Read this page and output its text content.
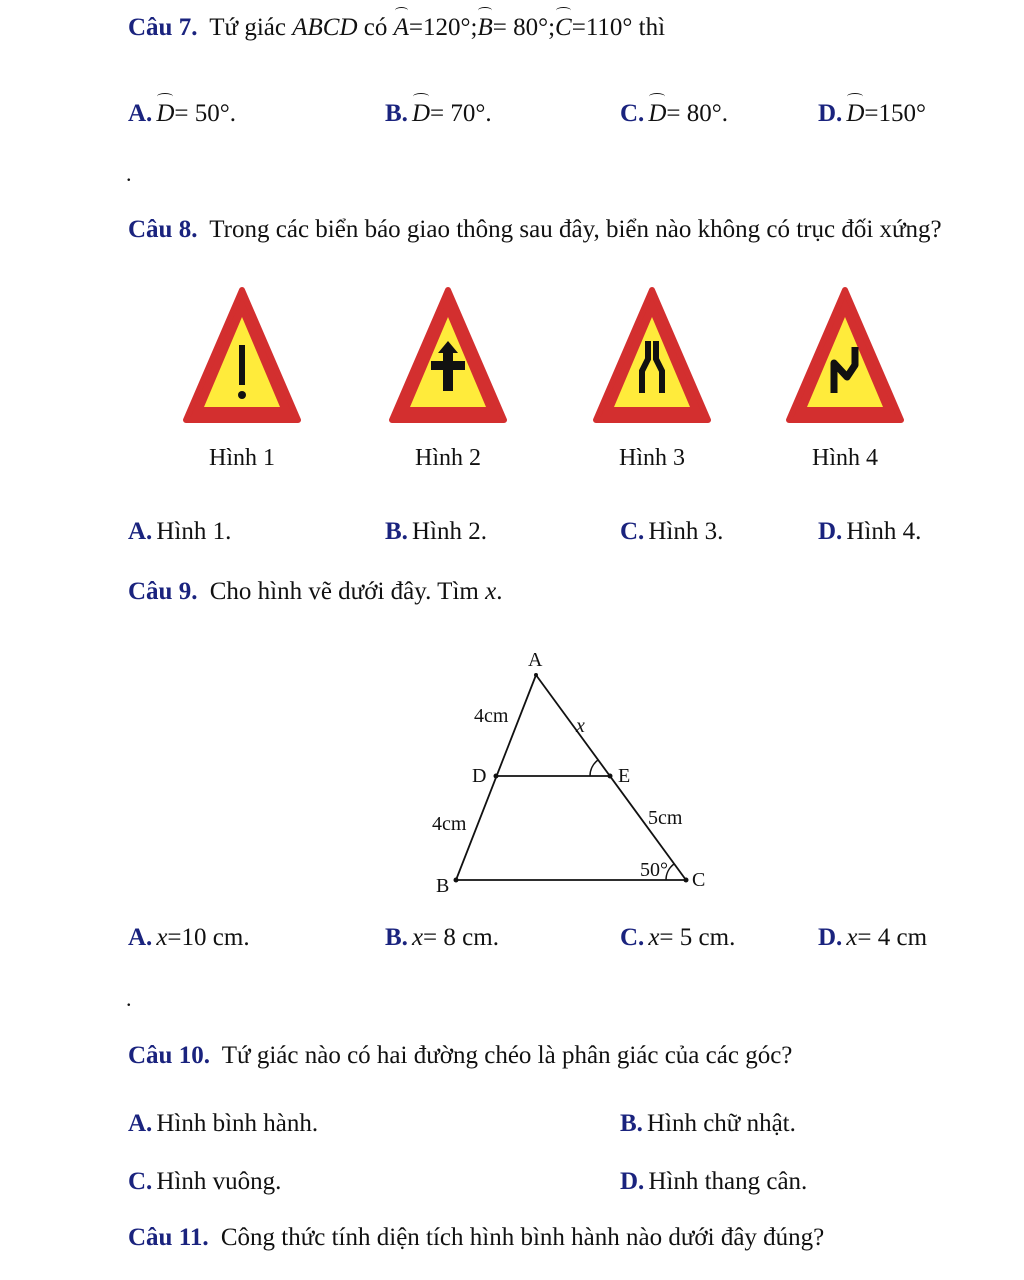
Câu 7. Tứ giác ABCD có A=120°;B= 80°;C=110° thì
A. D= 50°.	B. D= 70°.	C. D= 80°.	D. D=150°
.
Câu 8. Trong các biển báo giao thông sau đây, biển nào không có trục đối xứng?
Hình 1	Hình 2	Hình 3	Hình 4
A. Hình 1.	B. Hình 2.	C. Hình 3.	D. Hình 4.
Câu 9. Cho hình vẽ dưới đây. Tìm x.
A
4cm	x
D	E
4cm	5cm
50° C
B
A. x=10 cm.	B. x= 8 cm.	C. x= 5 cm.	D. x= 4 cm
.
Câu 10. Tứ giác nào có hai đường chéo là phân giác của các góc?
A. Hình bình hành.	B. Hình chữ nhật.
C. Hình vuông.	D. Hình thang cân.
Câu 11. Công thức tính diện tích hình bình hành nào dưới đây đúng?
